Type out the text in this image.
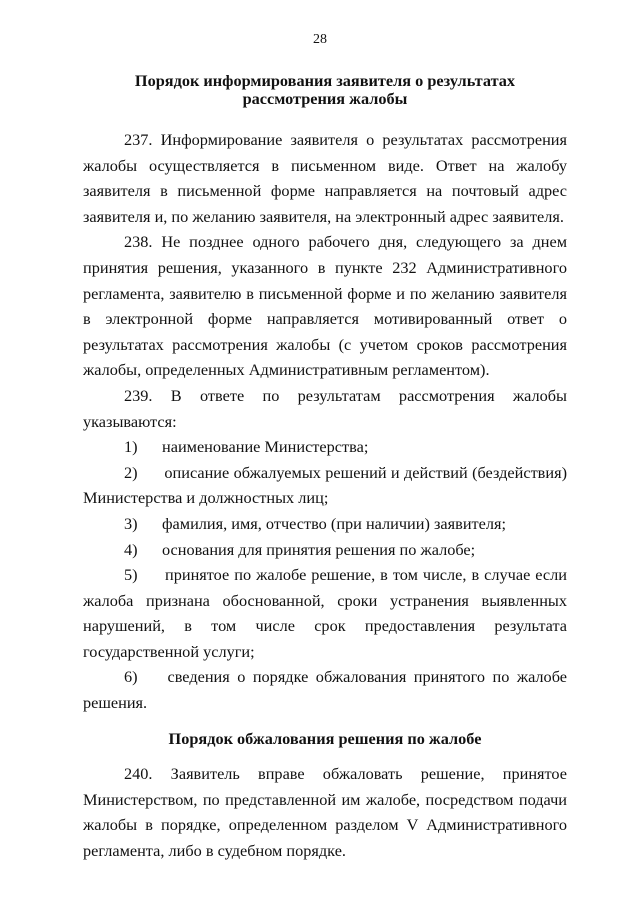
28
Порядок информирования заявителя о результатах
рассмотрения жалобы

237. Информирование заявителя о результатах рассмотрения жалобы осуществляется в письменном виде. Ответ на жалобу заявителя в письменной форме направляется на почтовый адрес заявителя и, по желанию заявителя, на электронный адрес заявителя.

238. Не позднее одного рабочего дня, следующего за днем принятия решения, указанного в пункте 232 Административного регламента, заявителю в письменной форме и по желанию заявителя в электронной форме направляется мотивированный ответ о результатах рассмотрения жалобы (с учетом сроков рассмотрения жалобы, определенных Административным регламентом).

239. В ответе по результатам рассмотрения жалобы указываются:

1)	наименование Министерства;
2) описание обжалуемых решений и действий (бездействия) Министерства и должностных лиц;
3)	фамилия, имя, отчество (при наличии) заявителя;
4)	основания для принятия решения по жалобе;
5) принятое по жалобе решение, в том числе, в случае если жалоба признана обоснованной, сроки устранения выявленных нарушений, в том числе срок предоставления результата государственной услуги;
6) сведения о порядке обжалования принятого по жалобе решения.
Порядок обжалования решения по жалобе

240. Заявитель вправе обжаловать решение, принятое Министерством, по представленной им жалобе, посредством подачи жалобы в порядке, определенном разделом V Административного регламента, либо в судебном порядке.
